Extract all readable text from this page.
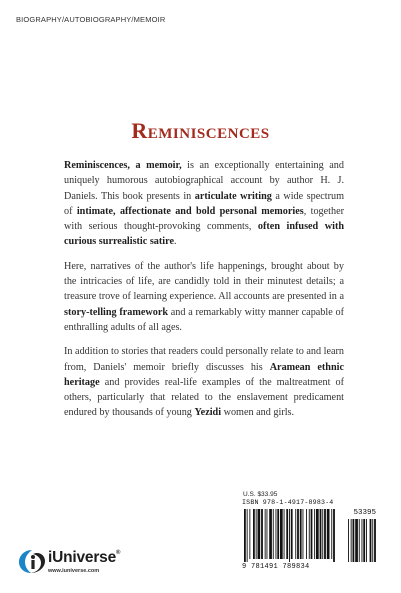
BIOGRAPHY/AUTOBIOGRAPHY/MEMOIR
Reminiscences

Reminiscences, a memoir, is an exceptionally entertaining and uniquely humorous autobiographical account by author H. J. Daniels. This book presents in articulate writing a wide spectrum of intimate, affectionate and bold personal memories, together with serious thought-provoking comments, often infused with curious surrealistic satire.

Here, narratives of the author's life happenings, brought about by the intricacies of life, are candidly told in their minutest details; a treasure trove of learning experience. All accounts are presented in a story-telling framework and a remarkably witty manner capable of enthralling adults of all ages.

In addition to stories that readers could personally relate to and learn from, Daniels' memoir briefly discusses his Aramean ethnic heritage and provides real-life examples of the maltreatment of others, particularly that related to the enslavement predicament endured by thousands of young Yezidi women and girls.

U.S. $33.95
ISBN 978-1-4917-8983-4
53395
9 781491 789834
iUniverse®
www.iuniverse.com
